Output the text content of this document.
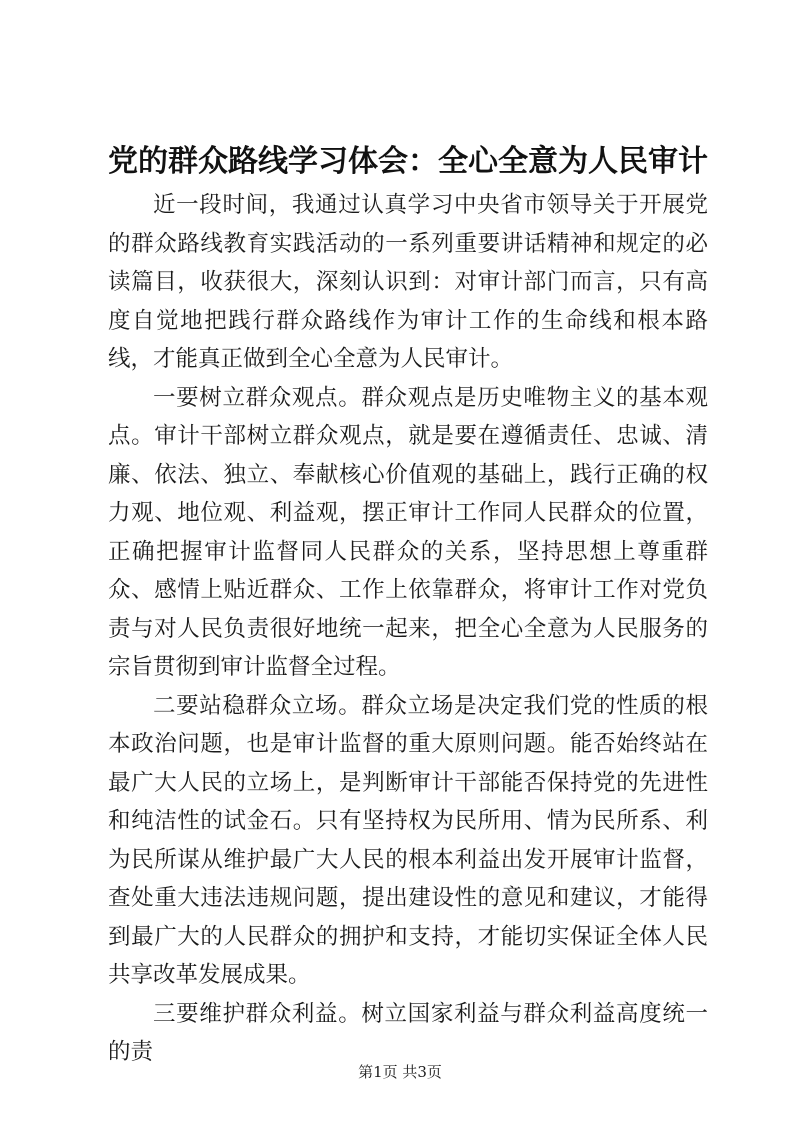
党的群众路线学习体会：全心全意为人民审计

近一段时间，我通过认真学习中央省市领导关于开展党的群众路线教育实践活动的一系列重要讲话精神和规定的必读篇目，收获很大，深刻认识到：对审计部门而言，只有高度自觉地把践行群众路线作为审计工作的生命线和根本路线，才能真正做到全心全意为人民审计。

一要树立群众观点。群众观点是历史唯物主义的基本观点。审计干部树立群众观点，就是要在遵循责任、忠诚、清廉、依法、独立、奉献核心价值观的基础上，践行正确的权力观、地位观、利益观，摆正审计工作同人民群众的位置，正确把握审计监督同人民群众的关系，坚持思想上尊重群众、感情上贴近群众、工作上依靠群众，将审计工作对党负责与对人民负责很好地统一起来，把全心全意为人民服务的宗旨贯彻到审计监督全过程。

二要站稳群众立场。群众立场是决定我们党的性质的根本政治问题，也是审计监督的重大原则问题。能否始终站在最广大人民的立场上，是判断审计干部能否保持党的先进性和纯洁性的试金石。只有坚持权为民所用、情为民所系、利为民所谋从维护最广大人民的根本利益出发开展审计监督，查处重大违法违规问题，提出建设性的意见和建议，才能得到最广大的人民群众的拥护和支持，才能切实保证全体人民共享改革发展成果。

三要维护群众利益。树立国家利益与群众利益高度统一的责

第1页 共3页
